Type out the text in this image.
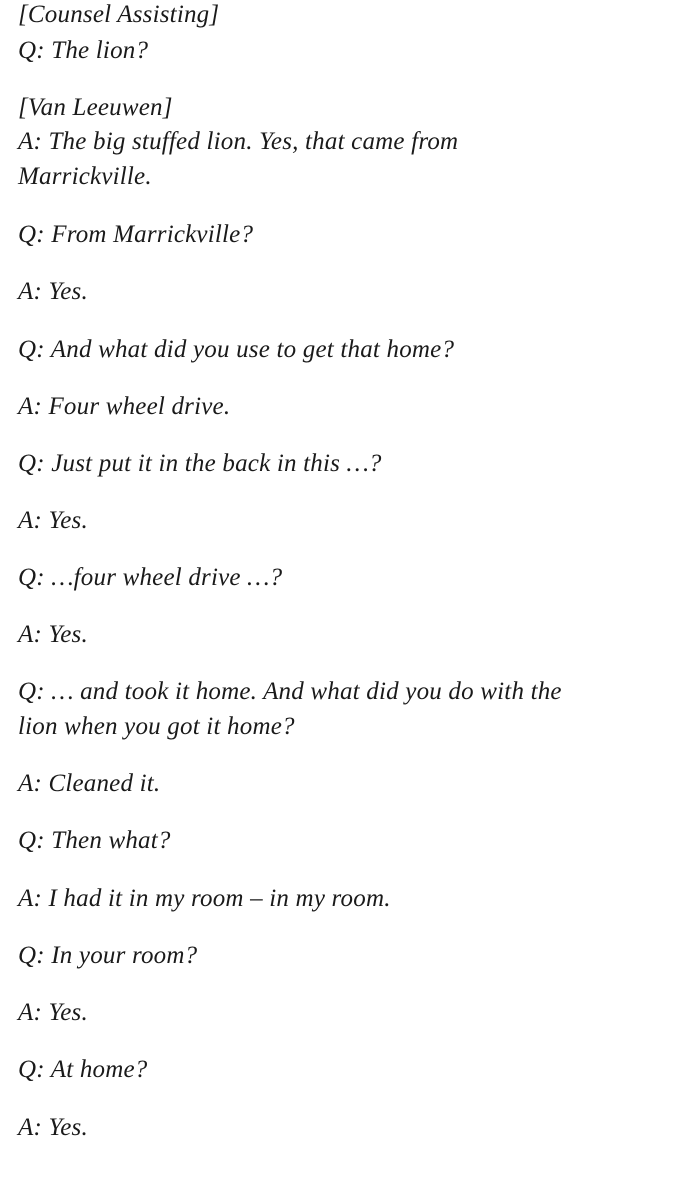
[Counsel Assisting]
Q: The lion?
[Van Leeuwen]
A: The big stuffed lion. Yes, that came from Marrickville.
Q: From Marrickville?
A: Yes.
Q: And what did you use to get that home?
A: Four wheel drive.
Q: Just put it in the back in this …?
A: Yes.
Q: …four wheel drive …?
A: Yes.
Q: … and took it home. And what did you do with the lion when you got it home?
A: Cleaned it.
Q: Then what?
A: I had it in my room – in my room.
Q: In your room?
A: Yes.
Q: At home?
A: Yes.
